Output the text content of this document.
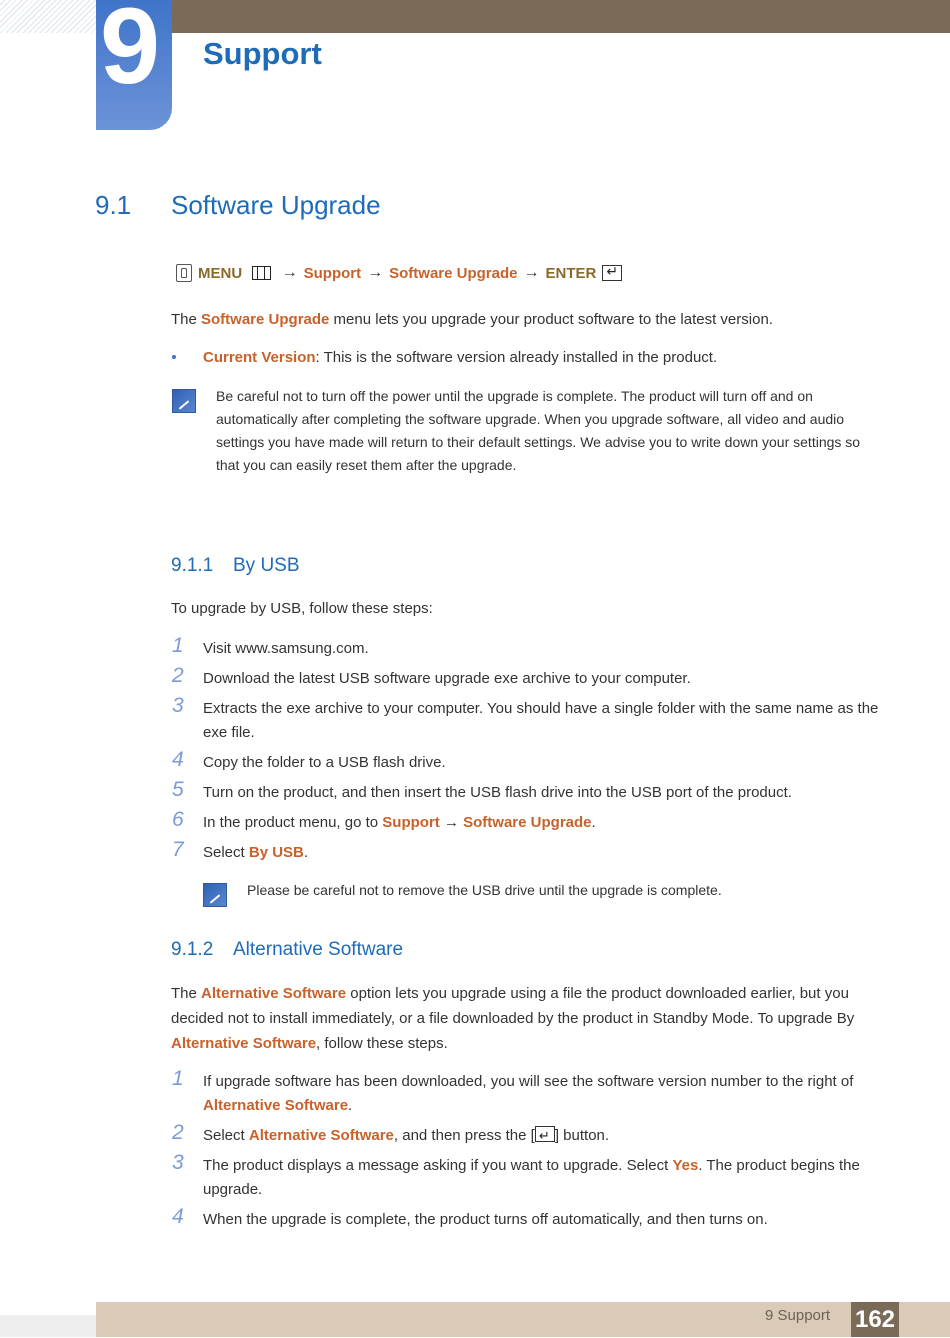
9 Support
9.1 Software Upgrade
MENU → Support → Software Upgrade → ENTER
↵

The Software Upgrade menu lets you upgrade your product software to the latest version.

Current Version: This is the software version already installed in the product.

Be careful not to turn off the power until the upgrade is complete. The product will turn off and on automatically after completing the software upgrade. When you upgrade software, all video and audio settings you have made will return to their default settings. We advise you to write down your settings so that you can easily reset them after the upgrade.

9.1.1 By USB

To upgrade by USB, follow these steps:

1 Visit www.samsung.com.
2 Download the latest USB software upgrade exe archive to your computer.
3 Extracts the exe archive to your computer. You should have a single folder with the same name as the exe file.
4 Copy the folder to a USB flash drive.
5 Turn on the product, and then insert the USB flash drive into the USB port of the product.
6 In the product menu, go to Support → Software Upgrade.
7 Select By USB.

Please be careful not to remove the USB drive until the upgrade is complete.

9.1.2 Alternative Software

The Alternative Software option lets you upgrade using a file the product downloaded earlier, but you decided not to install immediately, or a file downloaded by the product in Standby Mode. To upgrade By Alternative Software, follow these steps.

1 If upgrade software has been downloaded, you will see the software version number to the right of Alternative Software.
2 Select Alternative Software, and then press the [↵ ] button.
3 The product displays a message asking if you want to upgrade. Select Yes. The product begins the upgrade.
4 When the upgrade is complete, the product turns off automatically, and then turns on.
9 Support 162
